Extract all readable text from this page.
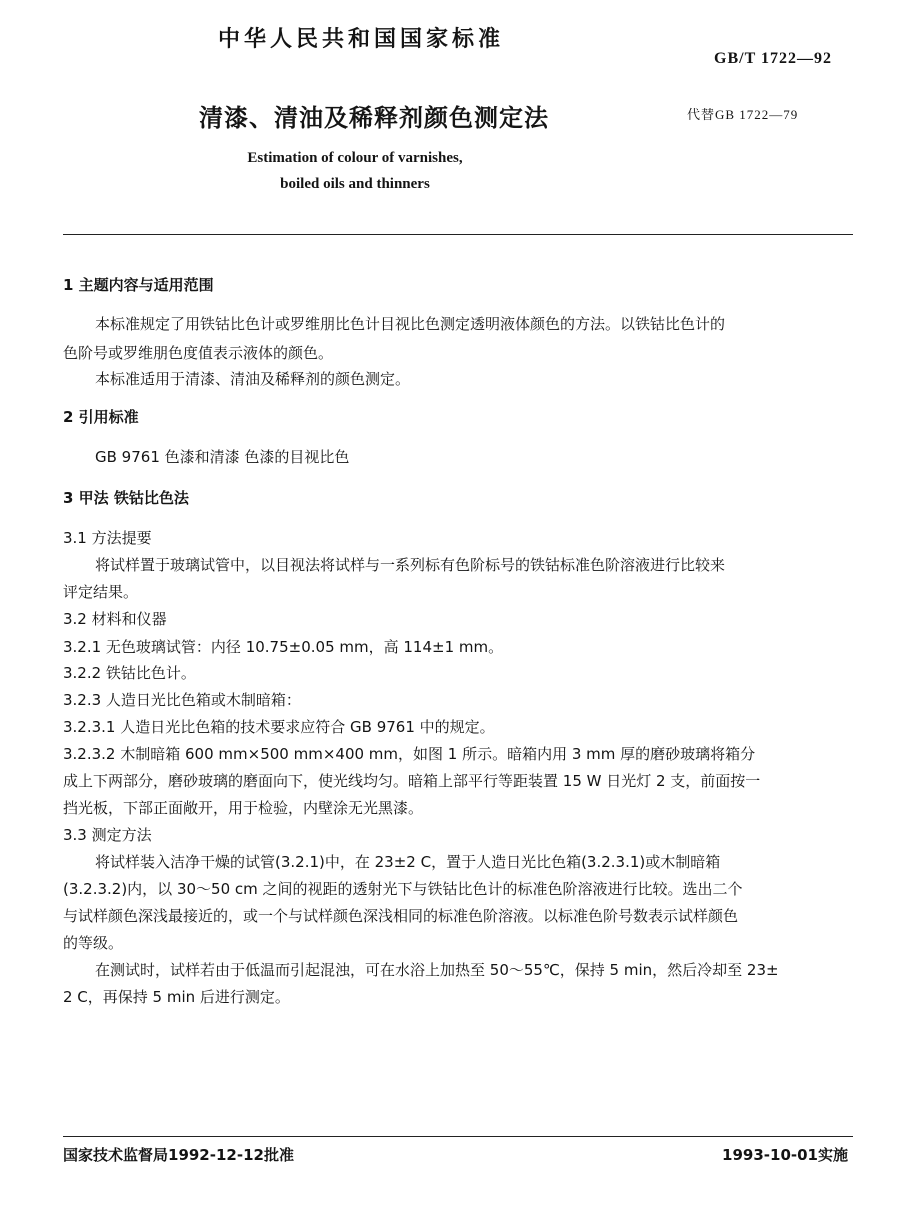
中华人民共和国国家标准
GB/T 1722—92
清漆、清油及稀释剂颜色测定法	代替GB 1722—79
Estimation of colour of varnishes,
boiled oils and thinners
1 主题内容与适用范围
本标准规定了用铁钴比色计或罗维朋比色计目视比色测定透明液体颜色的方法。以铁钴比色计的
色阶号或罗维朋色度值表示液体的颜色。
本标准适用于清漆、清油及稀释剂的颜色测定。
2 引用标准
GB 9761 色漆和清漆 色漆的目视比色
3 甲法 铁钴比色法
3.1 方法提要
将试样置于玻璃试管中，以目视法将试样与一系列标有色阶标号的铁钴标准色阶溶液进行比较来
评定结果。
3.2 材料和仪器
3.2.1 无色玻璃试管：内径 10.75±0.05 mm，高 114±1 mm。
3.2.2 铁钴比色计。
3.2.3 人造日光比色箱或木制暗箱：
3.2.3.1 人造日光比色箱的技术要求应符合 GB 9761 中的规定。
3.2.3.2 木制暗箱 600 mm×500 mm×400 mm，如图 1 所示。暗箱内用 3 mm 厚的磨砂玻璃将箱分
成上下两部分，磨砂玻璃的磨面向下，使光线均匀。暗箱上部平行等距装置 15 W 日光灯 2 支，前面按一
挡光板，下部正面敞开，用于检验，内壁涂无光黑漆。
3.3 测定方法
将试样装入洁净干燥的试管(3.2.1)中，在 23±2 C，置于人造日光比色箱(3.2.3.1)或木制暗箱
(3.2.3.2)内，以 30～50 cm 之间的视距的透射光下与铁钴比色计的标准色阶溶液进行比较。选出二个
与试样颜色深浅最接近的，或一个与试样颜色深浅相同的标准色阶溶液。以标准色阶号数表示试样颜色
的等级。
在测试时，试样若由于低温而引起混浊，可在水浴上加热至 50～55℃，保持 5 min，然后冷却至 23±
2 C，再保持 5 min 后进行测定。
国家技术监督局1992-12-12批准	1993-10-01实施
